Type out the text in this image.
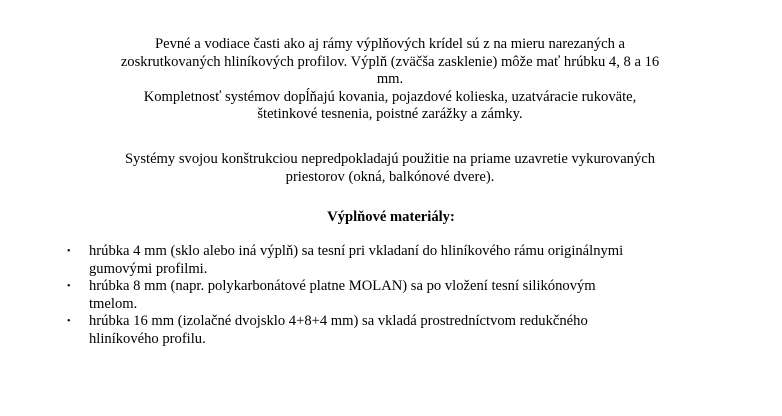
Pevné a vodiace časti ako aj rámy výplňových krídel sú z na mieru narezaných a
zoskrutkovaných hliníkových profilov. Výplň (zväčša zasklenie) môže mať hrúbku 4, 8 a 16
mm.
Kompletnosť systémov dopĺňajú kovania, pojazdové kolieska, uzatváracie rukoväte,
štetinkové tesnenia, poistné zarážky a zámky.
Systémy svojou konštrukciou nepredpokladajú použitie na priame uzavretie vykurovaných
priestorov (okná, balkónové dvere).
Výplňové materiály:
• hrúbka 4 mm (sklo alebo iná výplň) sa tesní pri vkladaní do hliníkového rámu originálnymi
gumovými profilmi.
• hrúbka 8 mm (napr. polykarbonátové platne MOLAN) sa po vložení tesní silikónovým
tmelom.
• hrúbka 16 mm (izolačné dvojsklo 4+8+4 mm) sa vkladá prostredníctvom redukčného
hliníkového profilu.
